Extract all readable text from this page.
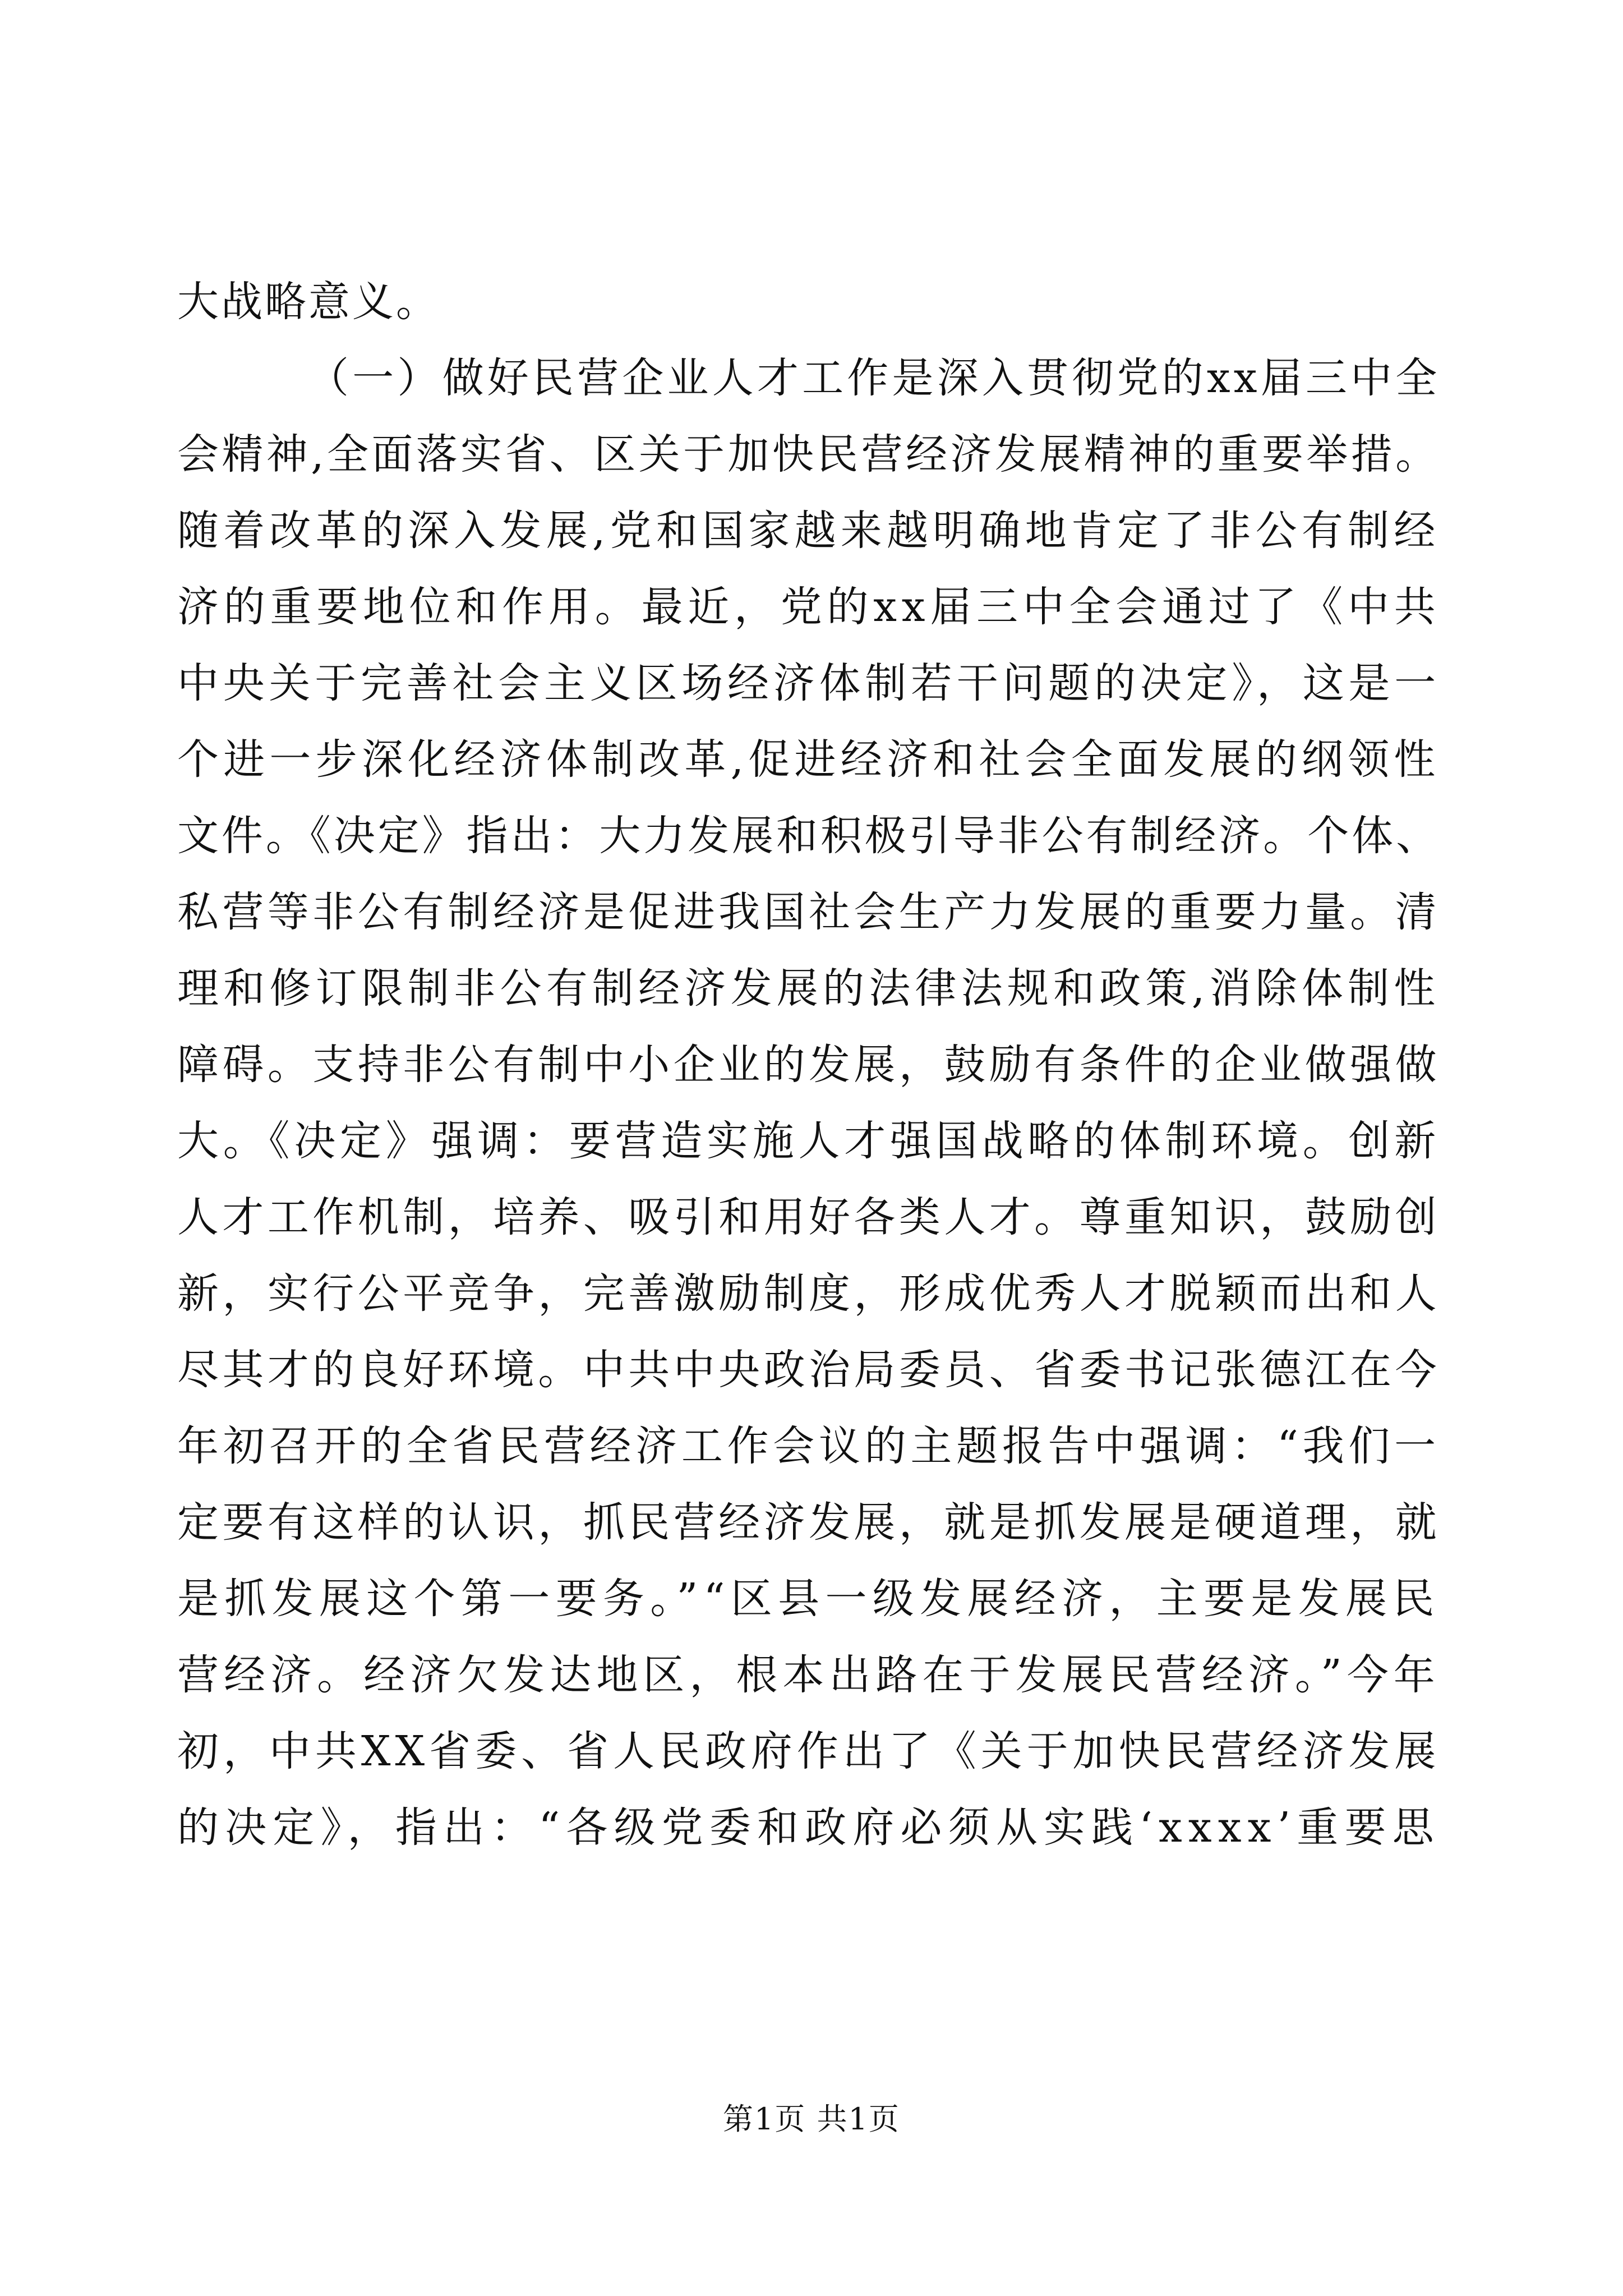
大战略意义。
（一）做好民营企业人才工作是深入贯彻党的xx届三中全
会精神,全面落实省、区关于加快民营经济发展精神的重要举措。
随着改革的深入发展,党和国家越来越明确地肯定了非公有制经
济的重要地位和作用。最近，党的xx届三中全会通过了《中共
中央关于完善社会主义区场经济体制若干问题的决定》，这是一
个进一步深化经济体制改革,促进经济和社会全面发展的纲领性
文件。《决定》指出：大力发展和积极引导非公有制经济。个体、
私营等非公有制经济是促进我国社会生产力发展的重要力量。清
理和修订限制非公有制经济发展的法律法规和政策,消除体制性
障碍。支持非公有制中小企业的发展，鼓励有条件的企业做强做
大。《决定》强调：要营造实施人才强国战略的体制环境。创新
人才工作机制，培养、吸引和用好各类人才。尊重知识，鼓励创
新，实行公平竞争，完善激励制度，形成优秀人才脱颖而出和人
尽其才的良好环境。中共中央政治局委员、省委书记张德江在今
年初召开的全省民营经济工作会议的主题报告中强调：“我们一
定要有这样的认识，抓民营经济发展，就是抓发展是硬道理，就
是抓发展这个第一要务。”“区县一级发展经济，主要是发展民
营经济。经济欠发达地区，根本出路在于发展民营经济。”今年
初，中共XX省委、省人民政府作出了《关于加快民营经济发展
的决定》，指出：“各级党委和政府必须从实践‘xxxx’重要思
第1页 共1页
